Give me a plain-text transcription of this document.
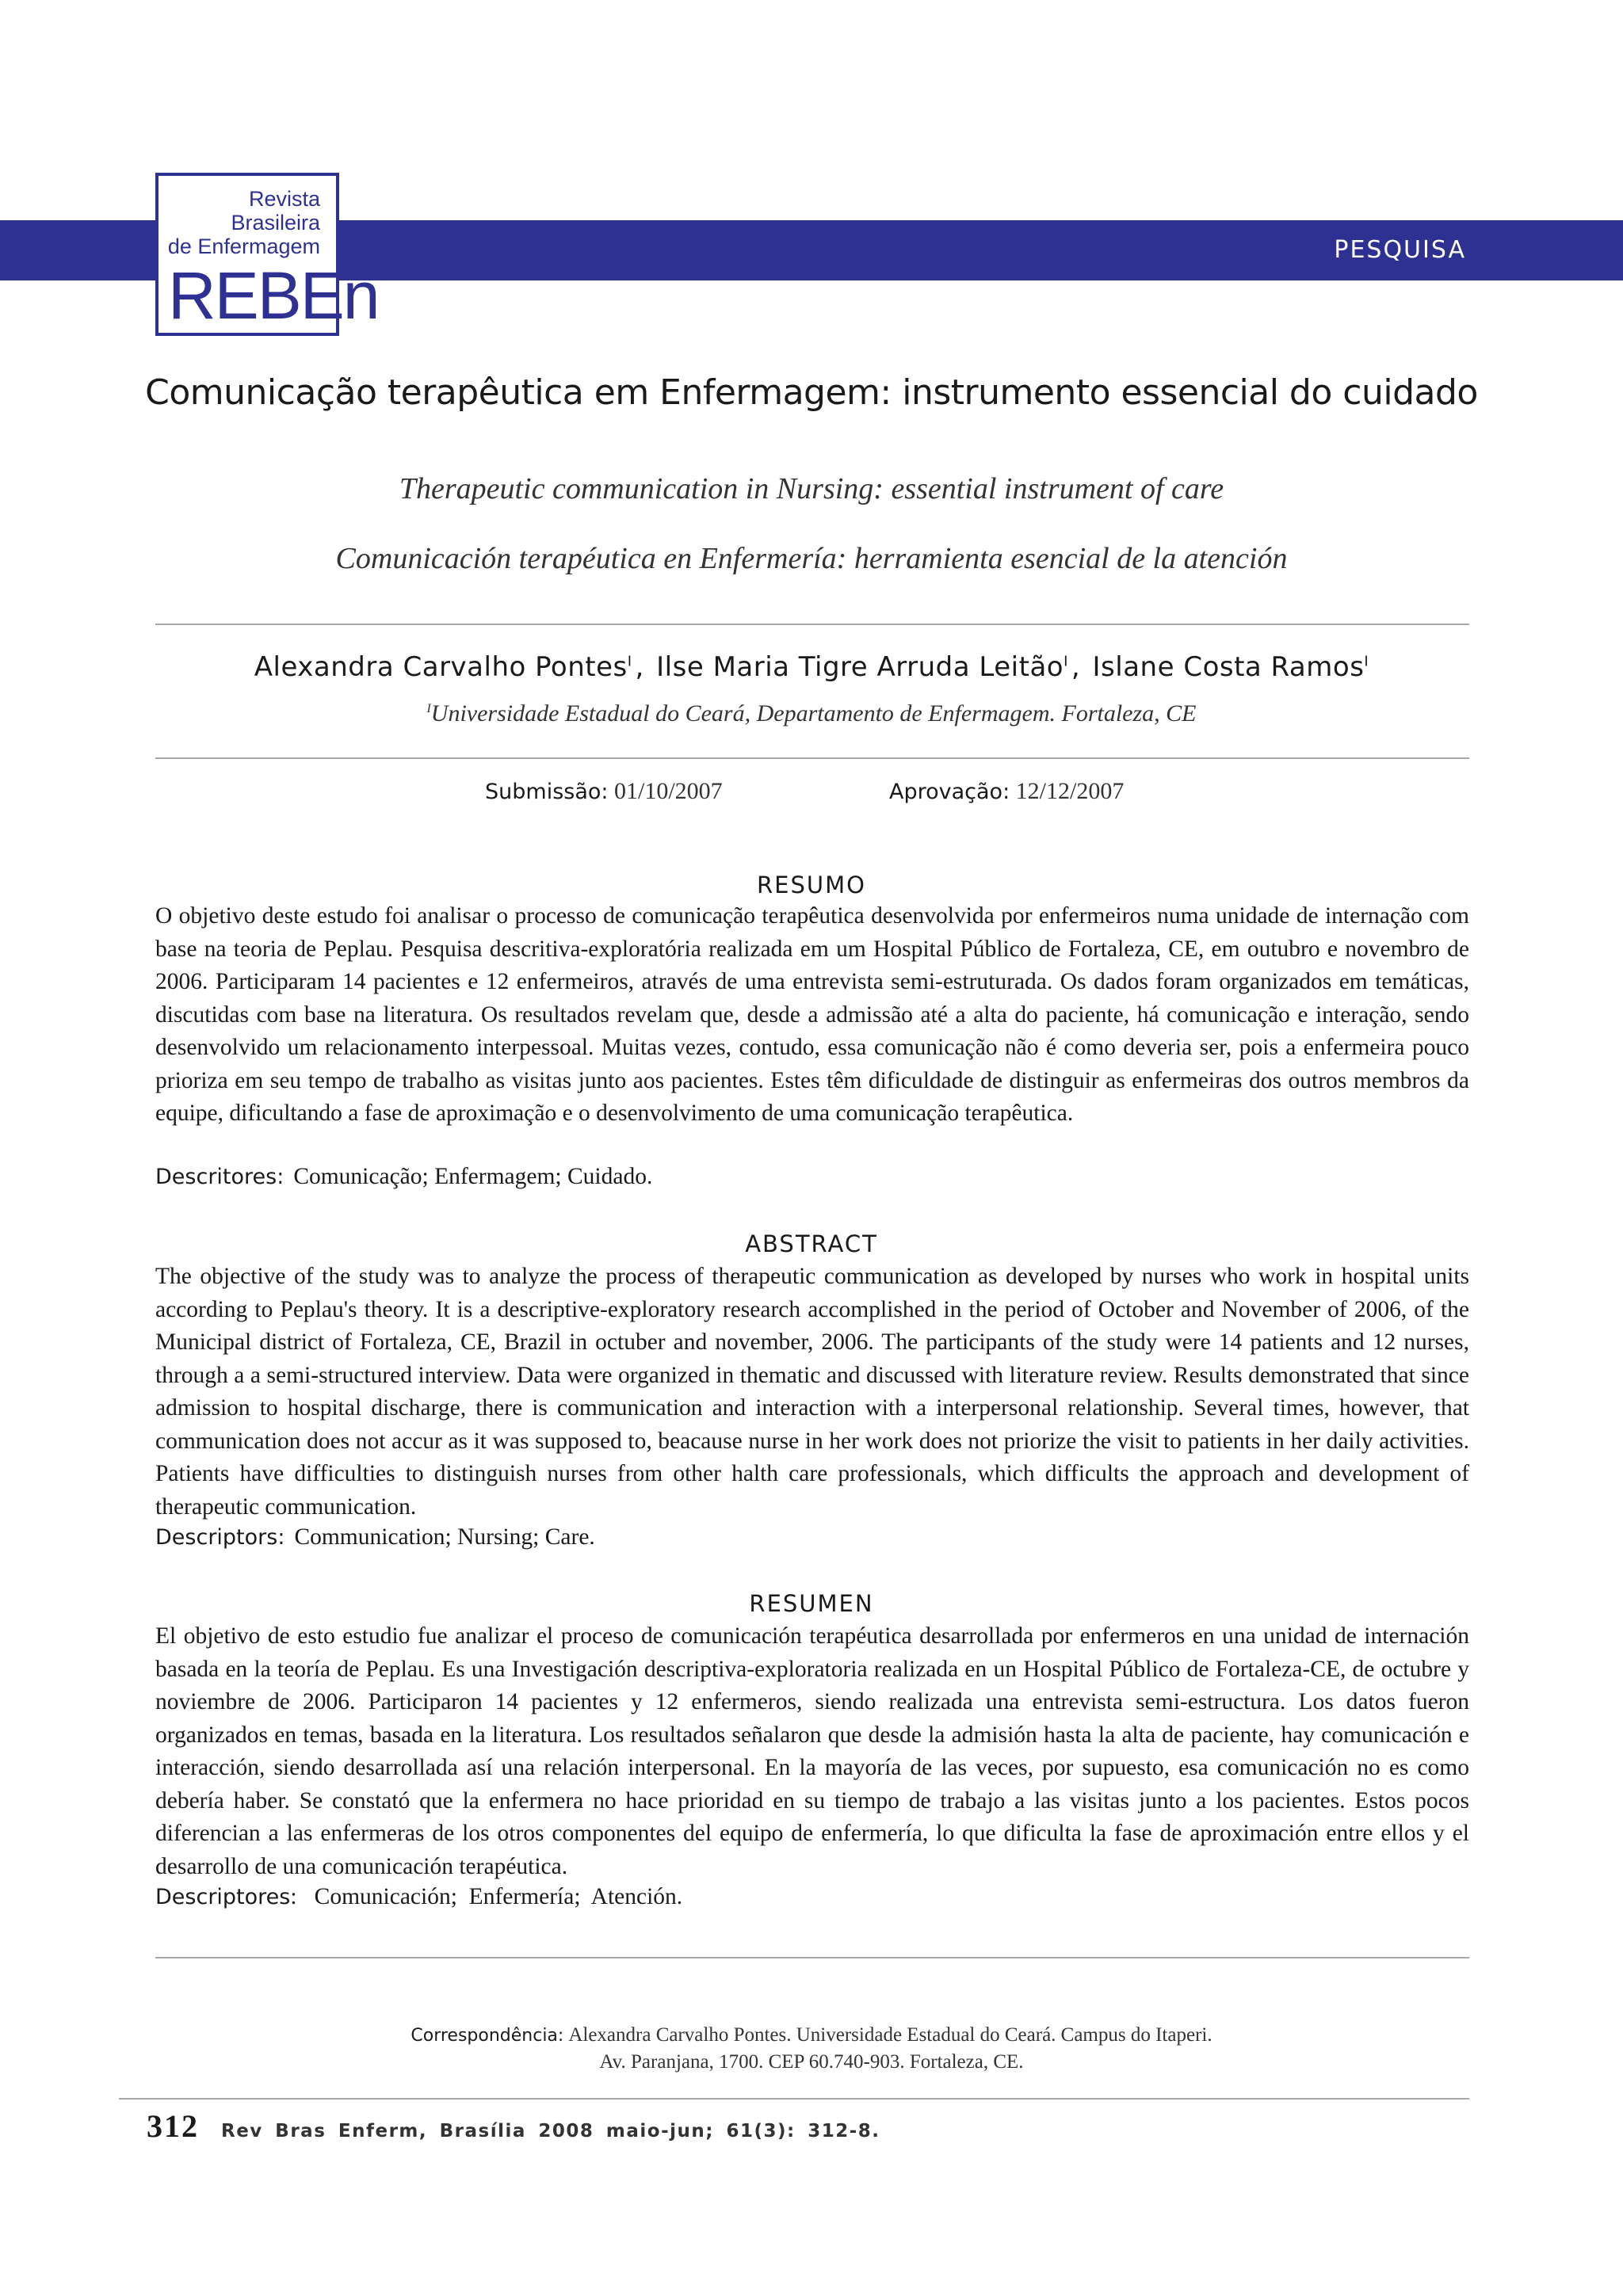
PESQUISA
Revista
Brasileira
de Enfermagem
REBEn
Comunicação terapêutica em Enfermagem: instrumento essencial do cuidado
Therapeutic communication in Nursing: essential instrument of care
Comunicación terapéutica en Enfermería: herramienta esencial de la atención
Alexandra Carvalho Pontes$^I$ , Ilse Maria Tigre Arruda Leitão$^I$ , Islane Costa Ramos$^I$
$^I$Universidade Estadual do Ceará, Departamento de Enfermagem. Fortaleza, CE
Submissão: 01/10/2007	Aprovação: 12/12/2007
RESUMO
O objetivo deste estudo foi analisar o processo de comunicação terapêutica desenvolvida por enfermeiros numa unidade de internação com base na teoria de Peplau. Pesquisa descritiva-exploratória realizada em um Hospital Público de Fortaleza, CE, em outubro e novembro de 2006. Participaram 14 pacientes e 12 enfermeiros, através de uma entrevista semi-estruturada. Os dados foram organizados em temáticas, discutidas com base na literatura. Os resultados revelam que, desde a admissão até a alta do paciente, há comunicação e interação, sendo desenvolvido um relacionamento interpessoal. Muitas vezes, contudo, essa comunicação não é como deveria ser, pois a enfermeira pouco prioriza em seu tempo de trabalho as visitas junto aos pacientes. Estes têm dificuldade de distinguir as enfermeiras dos outros membros da equipe, dificultando a fase de aproximação e o desenvolvimento de uma comunicação terapêutica.
Descritores: Comunicação; Enfermagem; Cuidado.
ABSTRACT
The objective of the study was to analyze the process of therapeutic communication as developed by nurses who work in hospital units according to Peplau's theory. It is a descriptive-exploratory research accomplished in the period of October and November of 2006, of the Municipal district of Fortaleza, CE, Brazil in octuber and november, 2006. The participants of the study were 14 patients and 12 nurses, through a a semi-structured interview. Data were organized in thematic and discussed with literature review. Results demonstrated that since admission to hospital discharge, there is communication and interaction with a interpersonal relationship. Several times, however, that communication does not accur as it was supposed to, beacause nurse in her work does not priorize the visit to patients in her daily activities. Patients have difficulties to distinguish nurses from other halth care professionals, which difficults the approach and development of therapeutic communication.
Descriptors: Communication; Nursing; Care.
RESUMEN
El objetivo de esto estudio fue analizar el proceso de comunicación terapéutica desarrollada por enfermeros en una unidad de internación basada en la teoría de Peplau. Es una Investigación descriptiva-exploratoria realizada en un Hospital Público de Fortaleza-CE, de octubre y noviembre de 2006. Participaron 14 pacientes y 12 enfermeros, siendo realizada una entrevista semi-estructura. Los datos fueron organizados en temas, basada en la literatura. Los resultados señalaron que desde la admisión hasta la alta de paciente, hay comunicación e interacción, siendo desarrollada así una relación interpersonal. En la mayoría de las veces, por supuesto, esa comunicación no es como debería haber. Se constató que la enfermera no hace prioridad en su tiempo de trabajo a las visitas junto a los pacientes. Estos pocos diferencian a las enfermeras de los otros componentes del equipo de enfermería, lo que dificulta la fase de aproximación entre ellos y el desarrollo de una comunicación terapéutica.
Descriptores:   Comunicación;  Enfermería;  Atención.
Correspondência: Alexandra Carvalho Pontes. Universidade Estadual do Ceará. Campus do Itaperi.
Av. Paranjana, 1700. CEP 60.740-903. Fortaleza, CE.
312 Rev Bras Enferm, Brasília 2008 maio-jun; 61(3): 312-8.
